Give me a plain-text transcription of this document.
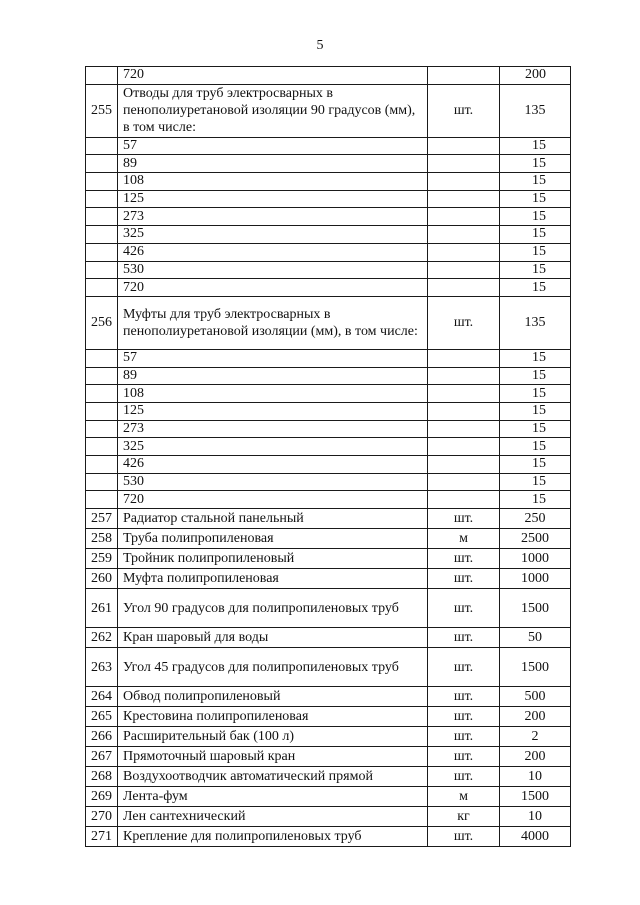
5
	720		200
255	Отводы для труб электросварных в пенополиуретановой изоляции 90 градусов (мм), в том числе:	шт.	135
	57		15
	89		15
	108		15
	125		15
	273		15
	325		15
	426		15
	530		15
	720		15
256	Муфты для труб электросварных в пенополиуретановой изоляции (мм), в том числе:	шт.	135
	57		15
	89		15
	108		15
	125		15
	273		15
	325		15
	426		15
	530		15
	720		15
257	Радиатор стальной панельный	шт.	250
258	Труба полипропиленовая	м	2500
259	Тройник полипропиленовый	шт.	1000
260	Муфта полипропиленовая	шт.	1000
261	Угол 90 градусов для полипропиленовых труб	шт.	1500
262	Кран шаровый для воды	шт.	50
263	Угол 45 градусов для полипропиленовых труб	шт.	1500
264	Обвод полипропиленовый	шт.	500
265	Крестовина полипропиленовая	шт.	200
266	Расширительный бак (100 л)	шт.	2
267	Прямоточный шаровый кран	шт.	200
268	Воздухоотводчик автоматический прямой	шт.	10
269	Лента-фум	м	1500
270	Лен сантехнический	кг	10
271	Крепление для полипропиленовых труб	шт.	4000
